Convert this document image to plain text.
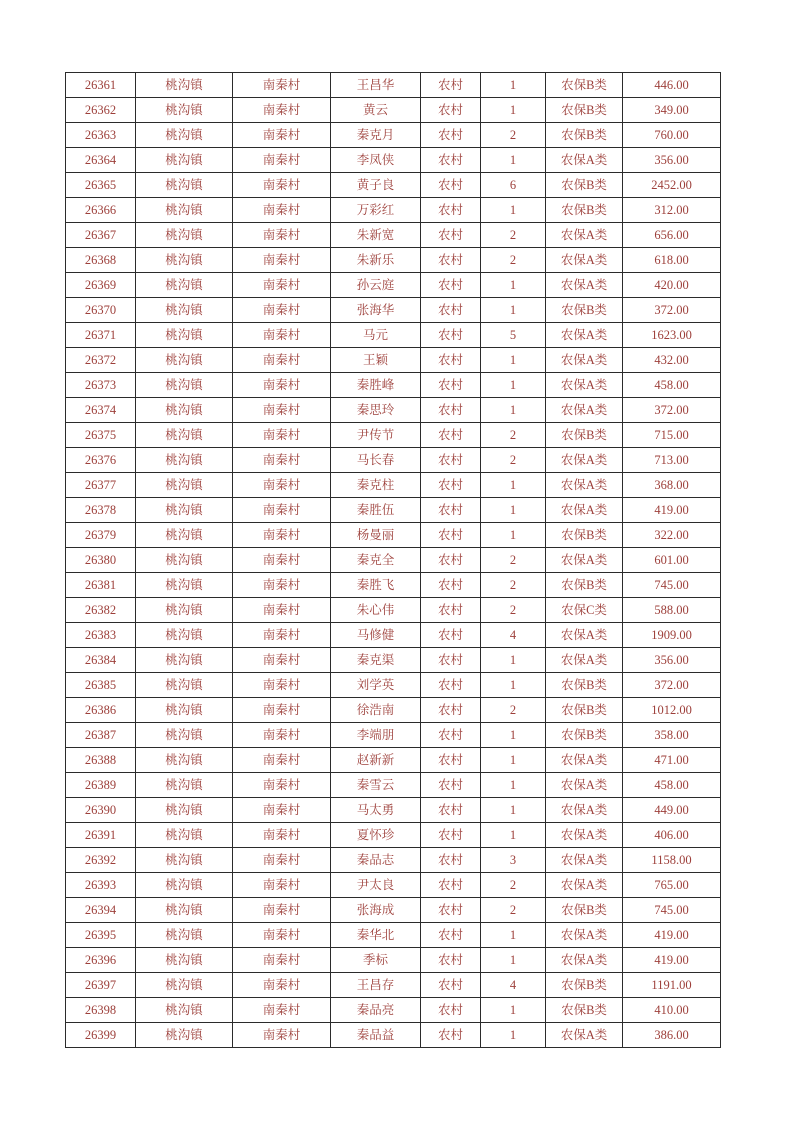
26361	桃沟镇	南秦村	王昌华	农村	1	农保B类	446.00
26362	桃沟镇	南秦村	黄云	农村	1	农保B类	349.00
26363	桃沟镇	南秦村	秦克月	农村	2	农保B类	760.00
26364	桃沟镇	南秦村	李凤侠	农村	1	农保A类	356.00
26365	桃沟镇	南秦村	黄子良	农村	6	农保B类	2452.00
26366	桃沟镇	南秦村	万彩红	农村	1	农保B类	312.00
26367	桃沟镇	南秦村	朱新宽	农村	2	农保A类	656.00
26368	桃沟镇	南秦村	朱新乐	农村	2	农保A类	618.00
26369	桃沟镇	南秦村	孙云庭	农村	1	农保A类	420.00
26370	桃沟镇	南秦村	张海华	农村	1	农保B类	372.00
26371	桃沟镇	南秦村	马元	农村	5	农保A类	1623.00
26372	桃沟镇	南秦村	王颖	农村	1	农保A类	432.00
26373	桃沟镇	南秦村	秦胜峰	农村	1	农保A类	458.00
26374	桃沟镇	南秦村	秦思玲	农村	1	农保A类	372.00
26375	桃沟镇	南秦村	尹传节	农村	2	农保B类	715.00
26376	桃沟镇	南秦村	马长春	农村	2	农保A类	713.00
26377	桃沟镇	南秦村	秦克柱	农村	1	农保A类	368.00
26378	桃沟镇	南秦村	秦胜伍	农村	1	农保A类	419.00
26379	桃沟镇	南秦村	杨曼丽	农村	1	农保B类	322.00
26380	桃沟镇	南秦村	秦克全	农村	2	农保A类	601.00
26381	桃沟镇	南秦村	秦胜飞	农村	2	农保B类	745.00
26382	桃沟镇	南秦村	朱心伟	农村	2	农保C类	588.00
26383	桃沟镇	南秦村	马修健	农村	4	农保A类	1909.00
26384	桃沟镇	南秦村	秦克渠	农村	1	农保A类	356.00
26385	桃沟镇	南秦村	刘学英	农村	1	农保B类	372.00
26386	桃沟镇	南秦村	徐浩南	农村	2	农保B类	1012.00
26387	桃沟镇	南秦村	李端朋	农村	1	农保B类	358.00
26388	桃沟镇	南秦村	赵新新	农村	1	农保A类	471.00
26389	桃沟镇	南秦村	秦雪云	农村	1	农保A类	458.00
26390	桃沟镇	南秦村	马太勇	农村	1	农保A类	449.00
26391	桃沟镇	南秦村	夏怀珍	农村	1	农保A类	406.00
26392	桃沟镇	南秦村	秦品志	农村	3	农保A类	1158.00
26393	桃沟镇	南秦村	尹太良	农村	2	农保A类	765.00
26394	桃沟镇	南秦村	张海成	农村	2	农保B类	745.00
26395	桃沟镇	南秦村	秦华北	农村	1	农保A类	419.00
26396	桃沟镇	南秦村	季标	农村	1	农保A类	419.00
26397	桃沟镇	南秦村	王昌存	农村	4	农保B类	1191.00
26398	桃沟镇	南秦村	秦品亮	农村	1	农保B类	410.00
26399	桃沟镇	南秦村	秦品益	农村	1	农保A类	386.00
